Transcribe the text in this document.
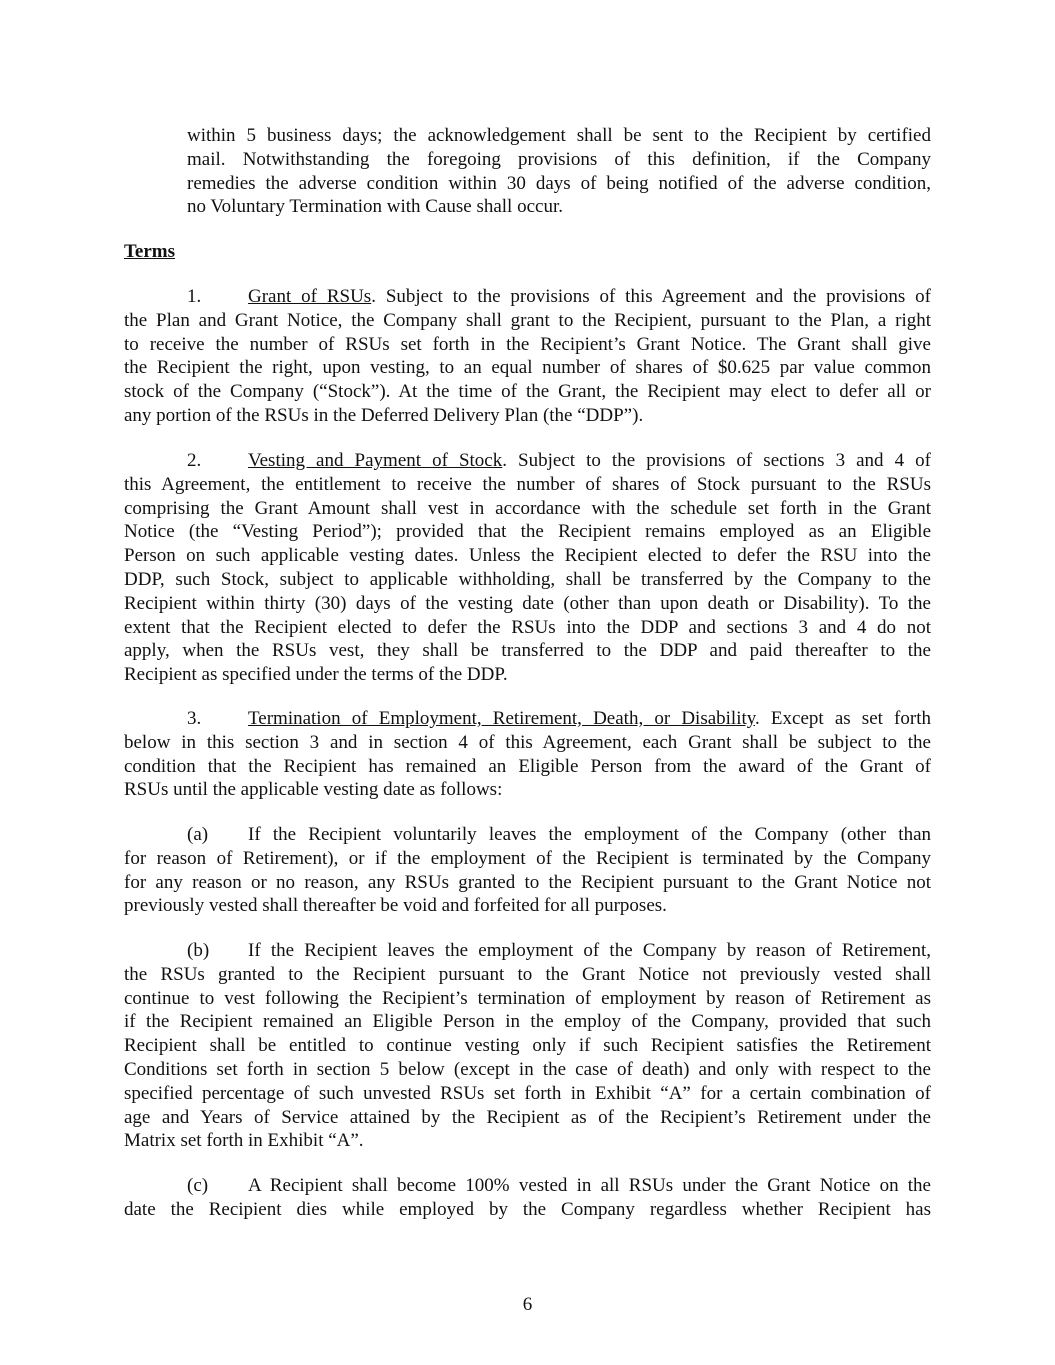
within 5 business days; the acknowledgement shall be sent to the Recipient by certified
mail. Notwithstanding the foregoing provisions of this definition, if the Company
remedies the adverse condition within 30 days of being notified of the adverse condition,
no Voluntary Termination with Cause shall occur.
Terms
1. Grant of RSUs. Subject to the provisions of this Agreement and the provisions of
the Plan and Grant Notice, the Company shall grant to the Recipient, pursuant to the Plan, a right
to receive the number of RSUs set forth in the Recipient’s Grant Notice. The Grant shall give
the Recipient the right, upon vesting, to an equal number of shares of $0.625 par value common
stock of the Company (“Stock”). At the time of the Grant, the Recipient may elect to defer all or
any portion of the RSUs in the Deferred Delivery Plan (the “DDP”).
2. Vesting and Payment of Stock. Subject to the provisions of sections 3 and 4 of
this Agreement, the entitlement to receive the number of shares of Stock pursuant to the RSUs
comprising the Grant Amount shall vest in accordance with the schedule set forth in the Grant
Notice (the “Vesting Period”); provided that the Recipient remains employed as an Eligible
Person on such applicable vesting dates. Unless the Recipient elected to defer the RSU into the
DDP, such Stock, subject to applicable withholding, shall be transferred by the Company to the
Recipient within thirty (30) days of the vesting date (other than upon death or Disability). To the
extent that the Recipient elected to defer the RSUs into the DDP and sections 3 and 4 do not
apply, when the RSUs vest, they shall be transferred to the DDP and paid thereafter to the
Recipient as specified under the terms of the DDP.
3. Termination of Employment, Retirement, Death, or Disability. Except as set forth
below in this section 3 and in section 4 of this Agreement, each Grant shall be subject to the
condition that the Recipient has remained an Eligible Person from the award of the Grant of
RSUs until the applicable vesting date as follows:
(a) If the Recipient voluntarily leaves the employment of the Company (other than
for reason of Retirement), or if the employment of the Recipient is terminated by the Company
for any reason or no reason, any RSUs granted to the Recipient pursuant to the Grant Notice not
previously vested shall thereafter be void and forfeited for all purposes.
(b) If the Recipient leaves the employment of the Company by reason of Retirement,
the RSUs granted to the Recipient pursuant to the Grant Notice not previously vested shall
continue to vest following the Recipient’s termination of employment by reason of Retirement as
if the Recipient remained an Eligible Person in the employ of the Company, provided that such
Recipient shall be entitled to continue vesting only if such Recipient satisfies the Retirement
Conditions set forth in section 5 below (except in the case of death) and only with respect to the
specified percentage of such unvested RSUs set forth in Exhibit “A” for a certain combination of
age and Years of Service attained by the Recipient as of the Recipient’s Retirement under the
Matrix set forth in Exhibit “A”.
(c) A Recipient shall become 100% vested in all RSUs under the Grant Notice on the
date the Recipient dies while employed by the Company regardless whether Recipient has
6
